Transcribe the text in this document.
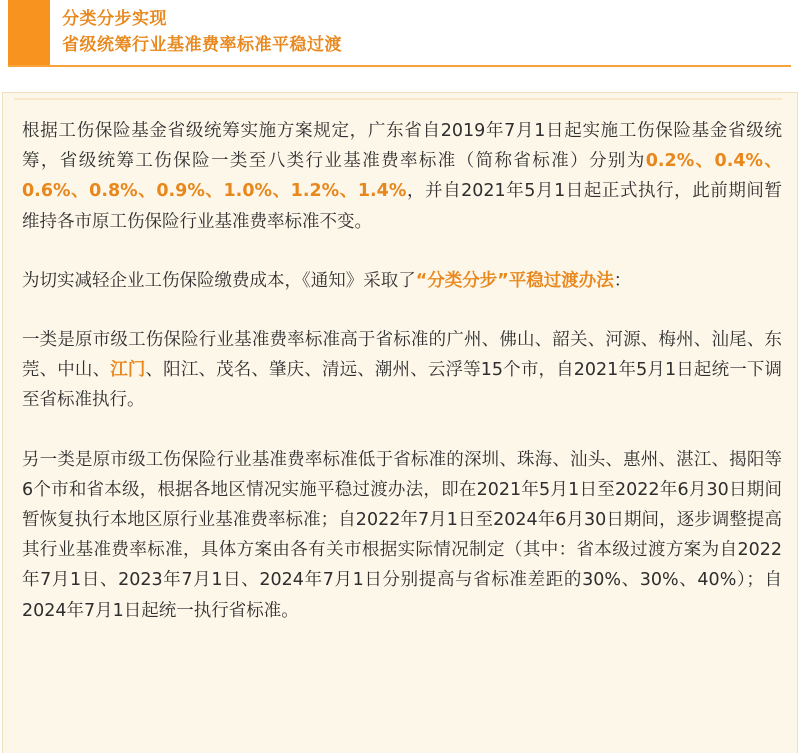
分类分步实现
省级统筹行业基准费率标准平稳过渡

根据工伤保险基金省级统筹实施方案规定，广东省自2019年7月1日起实施工伤保险基金省级统筹，省级统筹工伤保险一类至八类行业基准费率标准（简称省标准）分别为0.2%、0.4%、0.6%、0.8%、0.9%、1.0%、1.2%、1.4%，并自2021年5月1日起正式执行，此前期间暂维持各市原工伤保险行业基准费率标准不变。

为切实减轻企业工伤保险缴费成本，《通知》采取了“分类分步”平稳过渡办法：

一类是原市级工伤保险行业基准费率标准高于省标准的广州、佛山、韶关、河源、梅州、汕尾、东莞、中山、江门、阳江、茂名、肇庆、清远、潮州、云浮等15个市，自2021年5月1日起统一下调至省标准执行。

另一类是原市级工伤保险行业基准费率标准低于省标准的深圳、珠海、汕头、惠州、湛江、揭阳等6个市和省本级，根据各地区情况实施平稳过渡办法，即在2021年5月1日至2022年6月30日期间暂恢复执行本地区原行业基准费率标准；自2022年7月1日至2024年6月30日期间，逐步调整提高其行业基准费率标准，具体方案由各有关市根据实际情况制定（其中：省本级过渡方案为自2022年7月1日、2023年7月1日、2024年7月1日分别提高与省标准差距的30%、30%、40%）；自2024年7月1日起统一执行省标准。
